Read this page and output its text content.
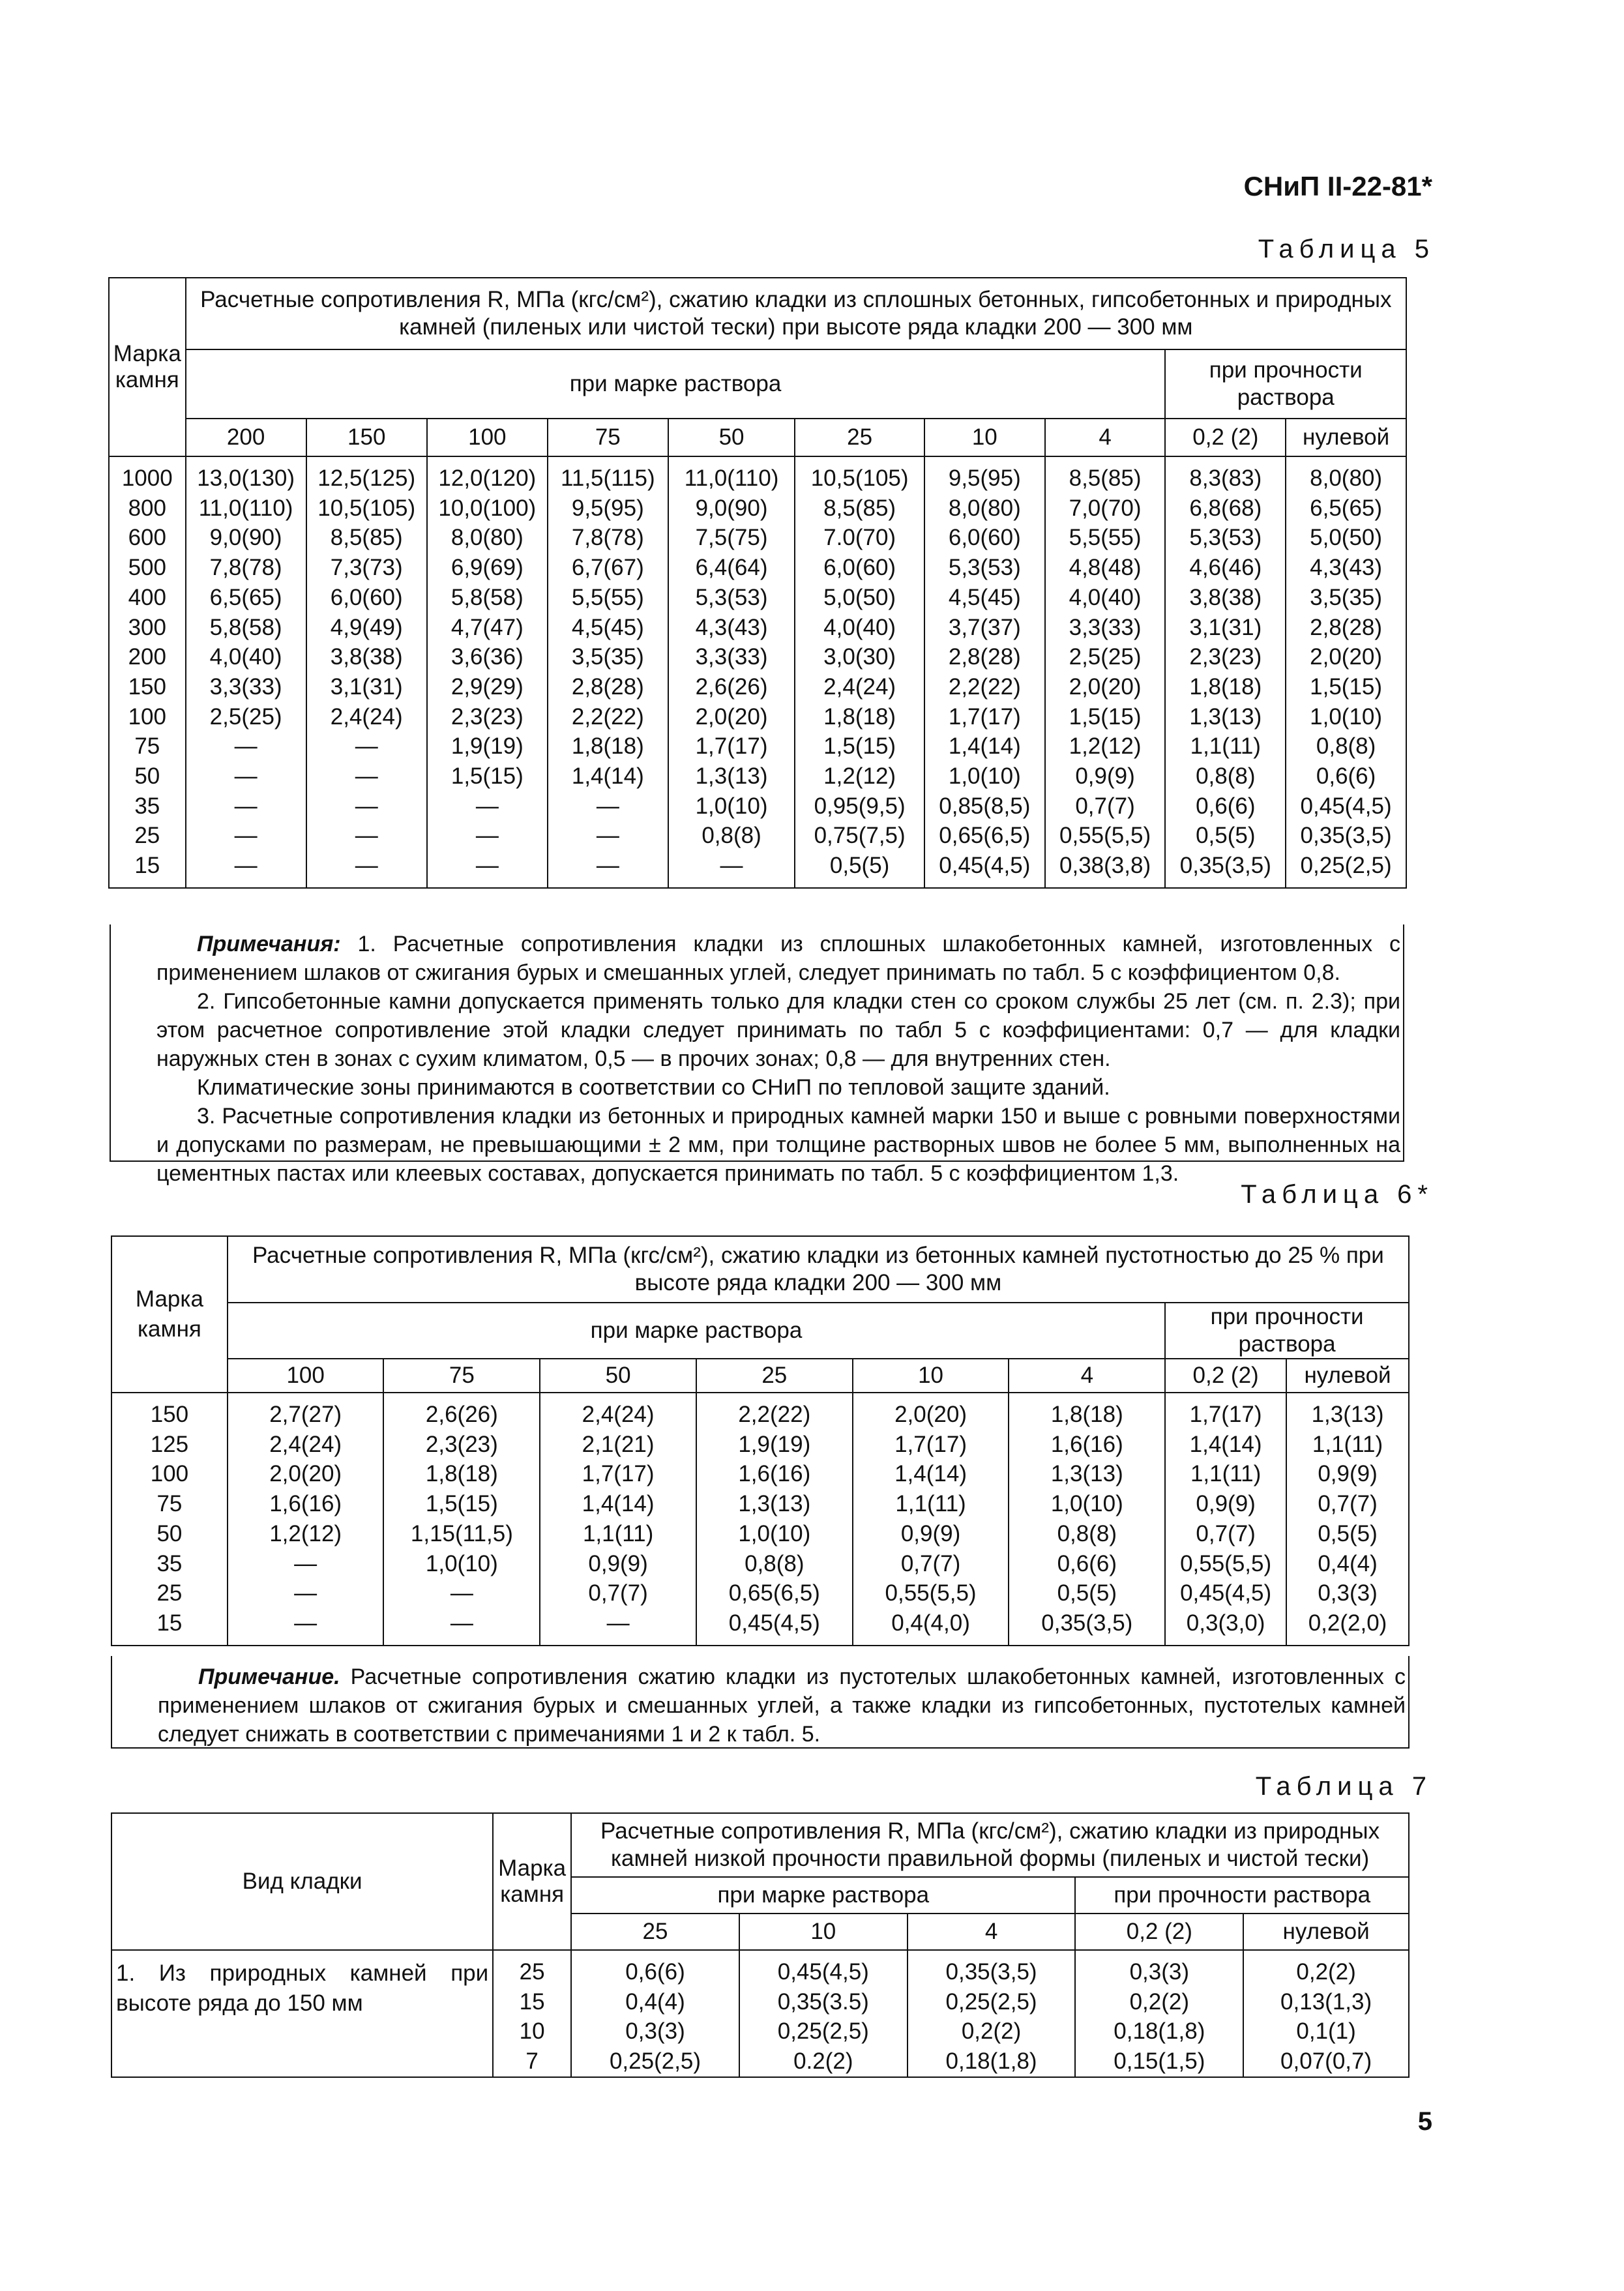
СНиП II-22-81*
Таблица 5
Марка камня	Расчетные сопротивления R, МПа (кгс/см²), сжатию кладки из сплошных бетонных, гипсобетонных и природных камней (пиленых или чистой тески) при высоте ряда кладки 200 — 300 мм									
	при марке раствора								при прочности раствора	
	200	150	100	75	50	25	10	4	0,2 (2)	нулевой
1000	13,0(130)	12,5(125)	12,0(120)	11,5(115)	11,0(110)	10,5(105)	9,5(95)	8,5(85)	8,3(83)	8,0(80)
800	11,0(110)	10,5(105)	10,0(100)	9,5(95)	9,0(90)	8,5(85)	8,0(80)	7,0(70)	6,8(68)	6,5(65)
600	9,0(90)	8,5(85)	8,0(80)	7,8(78)	7,5(75)	7.0(70)	6,0(60)	5,5(55)	5,3(53)	5,0(50)
500	7,8(78)	7,3(73)	6,9(69)	6,7(67)	6,4(64)	6,0(60)	5,3(53)	4,8(48)	4,6(46)	4,3(43)
400	6,5(65)	6,0(60)	5,8(58)	5,5(55)	5,3(53)	5,0(50)	4,5(45)	4,0(40)	3,8(38)	3,5(35)
300	5,8(58)	4,9(49)	4,7(47)	4,5(45)	4,3(43)	4,0(40)	3,7(37)	3,3(33)	3,1(31)	2,8(28)
200	4,0(40)	3,8(38)	3,6(36)	3,5(35)	3,3(33)	3,0(30)	2,8(28)	2,5(25)	2,3(23)	2,0(20)
150	3,3(33)	3,1(31)	2,9(29)	2,8(28)	2,6(26)	2,4(24)	2,2(22)	2,0(20)	1,8(18)	1,5(15)
100	2,5(25)	2,4(24)	2,3(23)	2,2(22)	2,0(20)	1,8(18)	1,7(17)	1,5(15)	1,3(13)	1,0(10)
75	—	—	1,9(19)	1,8(18)	1,7(17)	1,5(15)	1,4(14)	1,2(12)	1,1(11)	0,8(8)
50	—	—	1,5(15)	1,4(14)	1,3(13)	1,2(12)	1,0(10)	0,9(9)	0,8(8)	0,6(6)
35	—	—	—	—	1,0(10)	0,95(9,5)	0,85(8,5)	0,7(7)	0,6(6)	0,45(4,5)
25	—	—	—	—	0,8(8)	0,75(7,5)	0,65(6,5)	0,55(5,5)	0,5(5)	0,35(3,5)
15	—	—	—	—	—	0,5(5)	0,45(4,5)	0,38(3,8)	0,35(3,5)	0,25(2,5)

Примечания: 1. Расчетные сопротивления кладки из сплошных шлакобетонных камней, изготовленных с применением шлаков от сжигания бурых и смешанных углей, следует принимать по табл. 5 с коэффициентом 0,8.

2. Гипсобетонные камни допускается применять только для кладки стен со сроком службы 25 лет (см. п. 2.3); при этом расчетное сопротивление этой кладки следует принимать по табл 5 с коэффициентами: 0,7 — для кладки наружных стен в зонах с сухим климатом, 0,5 — в прочих зонах; 0,8 — для внутренних стен.

Климатические зоны принимаются в соответствии со СНиП по тепловой защите зданий.

3. Расчетные сопротивления кладки из бетонных и природных камней марки 150 и выше с ровными поверхностями и допусками по размерам, не превышающими ± 2 мм, при толщине растворных швов не более 5 мм, выполненных на цементных пастах или клеевых составах, допускается принимать по табл. 5 с коэффициентом 1,3.

Таблица 6*
Марка камня	Расчетные сопротивления R, МПа (кгс/см²), сжатию кладки из бетонных камней пустотностью до 25 % при высоте ряда кладки 200 — 300 мм							
	при марке раствора						при прочности раствора	
	100	75	50	25	10	4	0,2 (2)	нулевой
150	2,7(27)	2,6(26)	2,4(24)	2,2(22)	2,0(20)	1,8(18)	1,7(17)	1,3(13)
125	2,4(24)	2,3(23)	2,1(21)	1,9(19)	1,7(17)	1,6(16)	1,4(14)	1,1(11)
100	2,0(20)	1,8(18)	1,7(17)	1,6(16)	1,4(14)	1,3(13)	1,1(11)	0,9(9)
75	1,6(16)	1,5(15)	1,4(14)	1,3(13)	1,1(11)	1,0(10)	0,9(9)	0,7(7)
50	1,2(12)	1,15(11,5)	1,1(11)	1,0(10)	0,9(9)	0,8(8)	0,7(7)	0,5(5)
35	—	1,0(10)	0,9(9)	0,8(8)	0,7(7)	0,6(6)	0,55(5,5)	0,4(4)
25	—	—	0,7(7)	0,65(6,5)	0,55(5,5)	0,5(5)	0,45(4,5)	0,3(3)
15	—	—	—	0,45(4,5)	0,4(4,0)	0,35(3,5)	0,3(3,0)	0,2(2,0)

Примечание. Расчетные сопротивления сжатию кладки из пустотелых шлакобетонных камней, изготовленных с применением шлаков от сжигания бурых и смешанных углей, а также кладки из гипсобетонных, пустотелых камней следует снижать в соответствии с примечаниями 1 и 2 к табл. 5.

Таблица 7
Вид кладки	Марка камня	Расчетные сопротивления R, МПа (кгс/см²), сжатию кладки из природных камней низкой прочности правильной формы (пиленых и чистой тески)				
		при марке раствора			при прочности раствора	
		25	10	4	0,2 (2)	нулевой
1. Из природных камней при высоте ряда до 150 мм	25	0,6(6)	0,45(4,5)	0,35(3,5)	0,3(3)	0,2(2)
	15	0,4(4)	0,35(3.5)	0,25(2,5)	0,2(2)	0,13(1,3)
	10	0,3(3)	0,25(2,5)	0,2(2)	0,18(1,8)	0,1(1)
	7	0,25(2,5)	0.2(2)	0,18(1,8)	0,15(1,5)	0,07(0,7)
5
